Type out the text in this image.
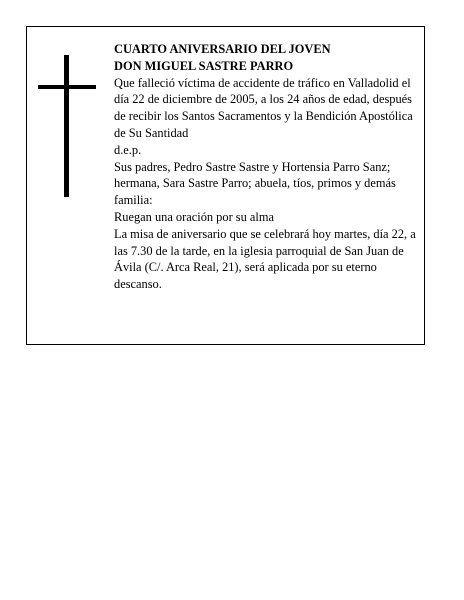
CUARTO ANIVERSARIO DEL JOVEN

DON MIGUEL SASTRE PARRO

Que falleció víctima de accidente de tráfico en Valladolid el día 22 de diciembre de 2005, a los 24 años de edad, después de recibir los Santos Sacramentos y la Bendición Apostólica de Su Santidad

d.e.p.

Sus padres, Pedro Sastre Sastre y Hortensia Parro Sanz; hermana, Sara Sastre Parro; abuela, tíos, primos y demás familia:

Ruegan una oración por su alma

La misa de aniversario que se celebrará hoy martes, día 22, a las 7.30 de la tarde, en la iglesia parroquial de San Juan de Ávila (C/. Arca Real, 21), será aplicada por su eterno descanso.
